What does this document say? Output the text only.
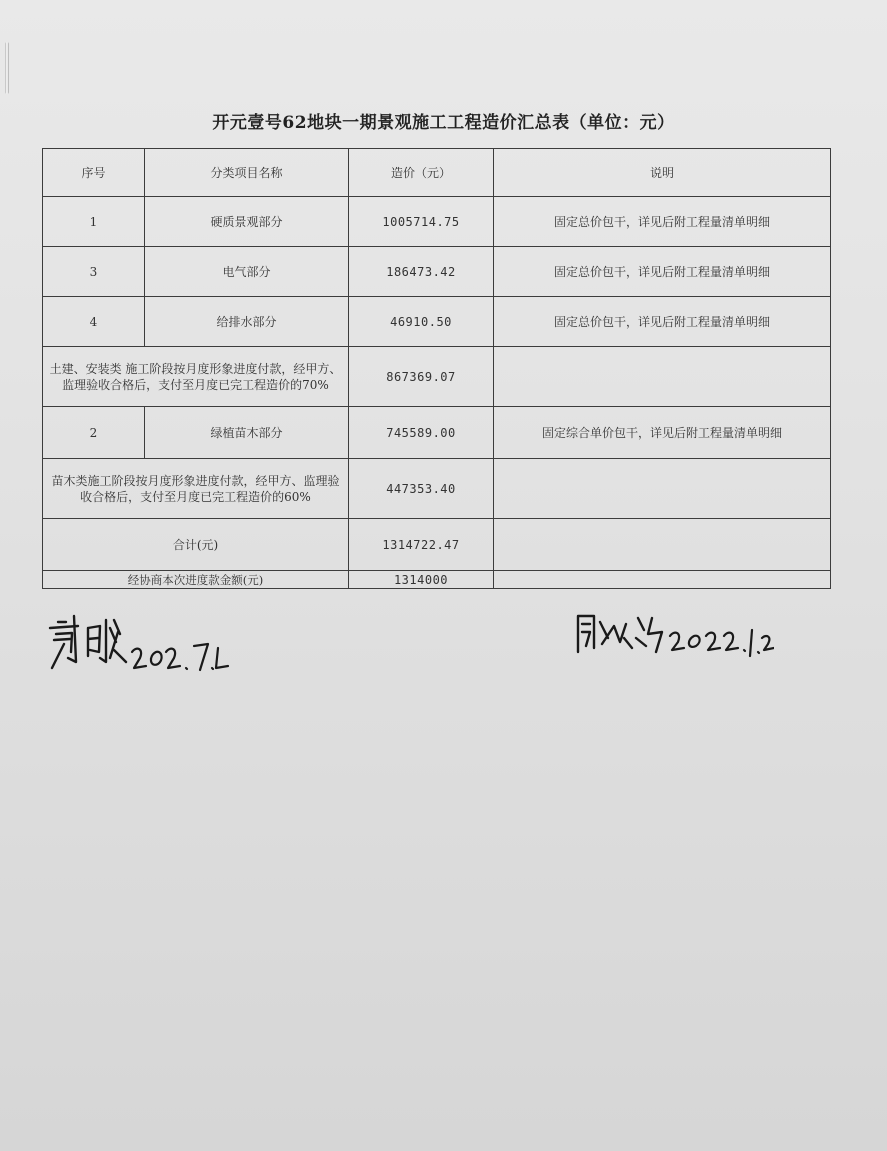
开元壹号62地块一期景观施工工程造价汇总表（单位：元）
序号	分类项目名称	造价（元）	说明
1	硬质景观部分	1005714.75	固定总价包干，详见后附工程量清单明细
3	电气部分	186473.42	固定总价包干，详见后附工程量清单明细
4	给排水部分	46910.50	固定总价包干，详见后附工程量清单明细
土建、安装类 施工阶段按月度形象进度付款，经甲方、监理验收合格后，支付至月度已完工程造价的70%		867369.07	
2	绿植苗木部分	745589.00	固定综合单价包干，详见后附工程量清单明细
苗木类施工阶段按月度形象进度付款，经甲方、监理验收合格后，支付至月度已完工程造价的60%		447353.40	
合计(元)		1314722.47	
经协商本次进度款金额(元)		1314000	
